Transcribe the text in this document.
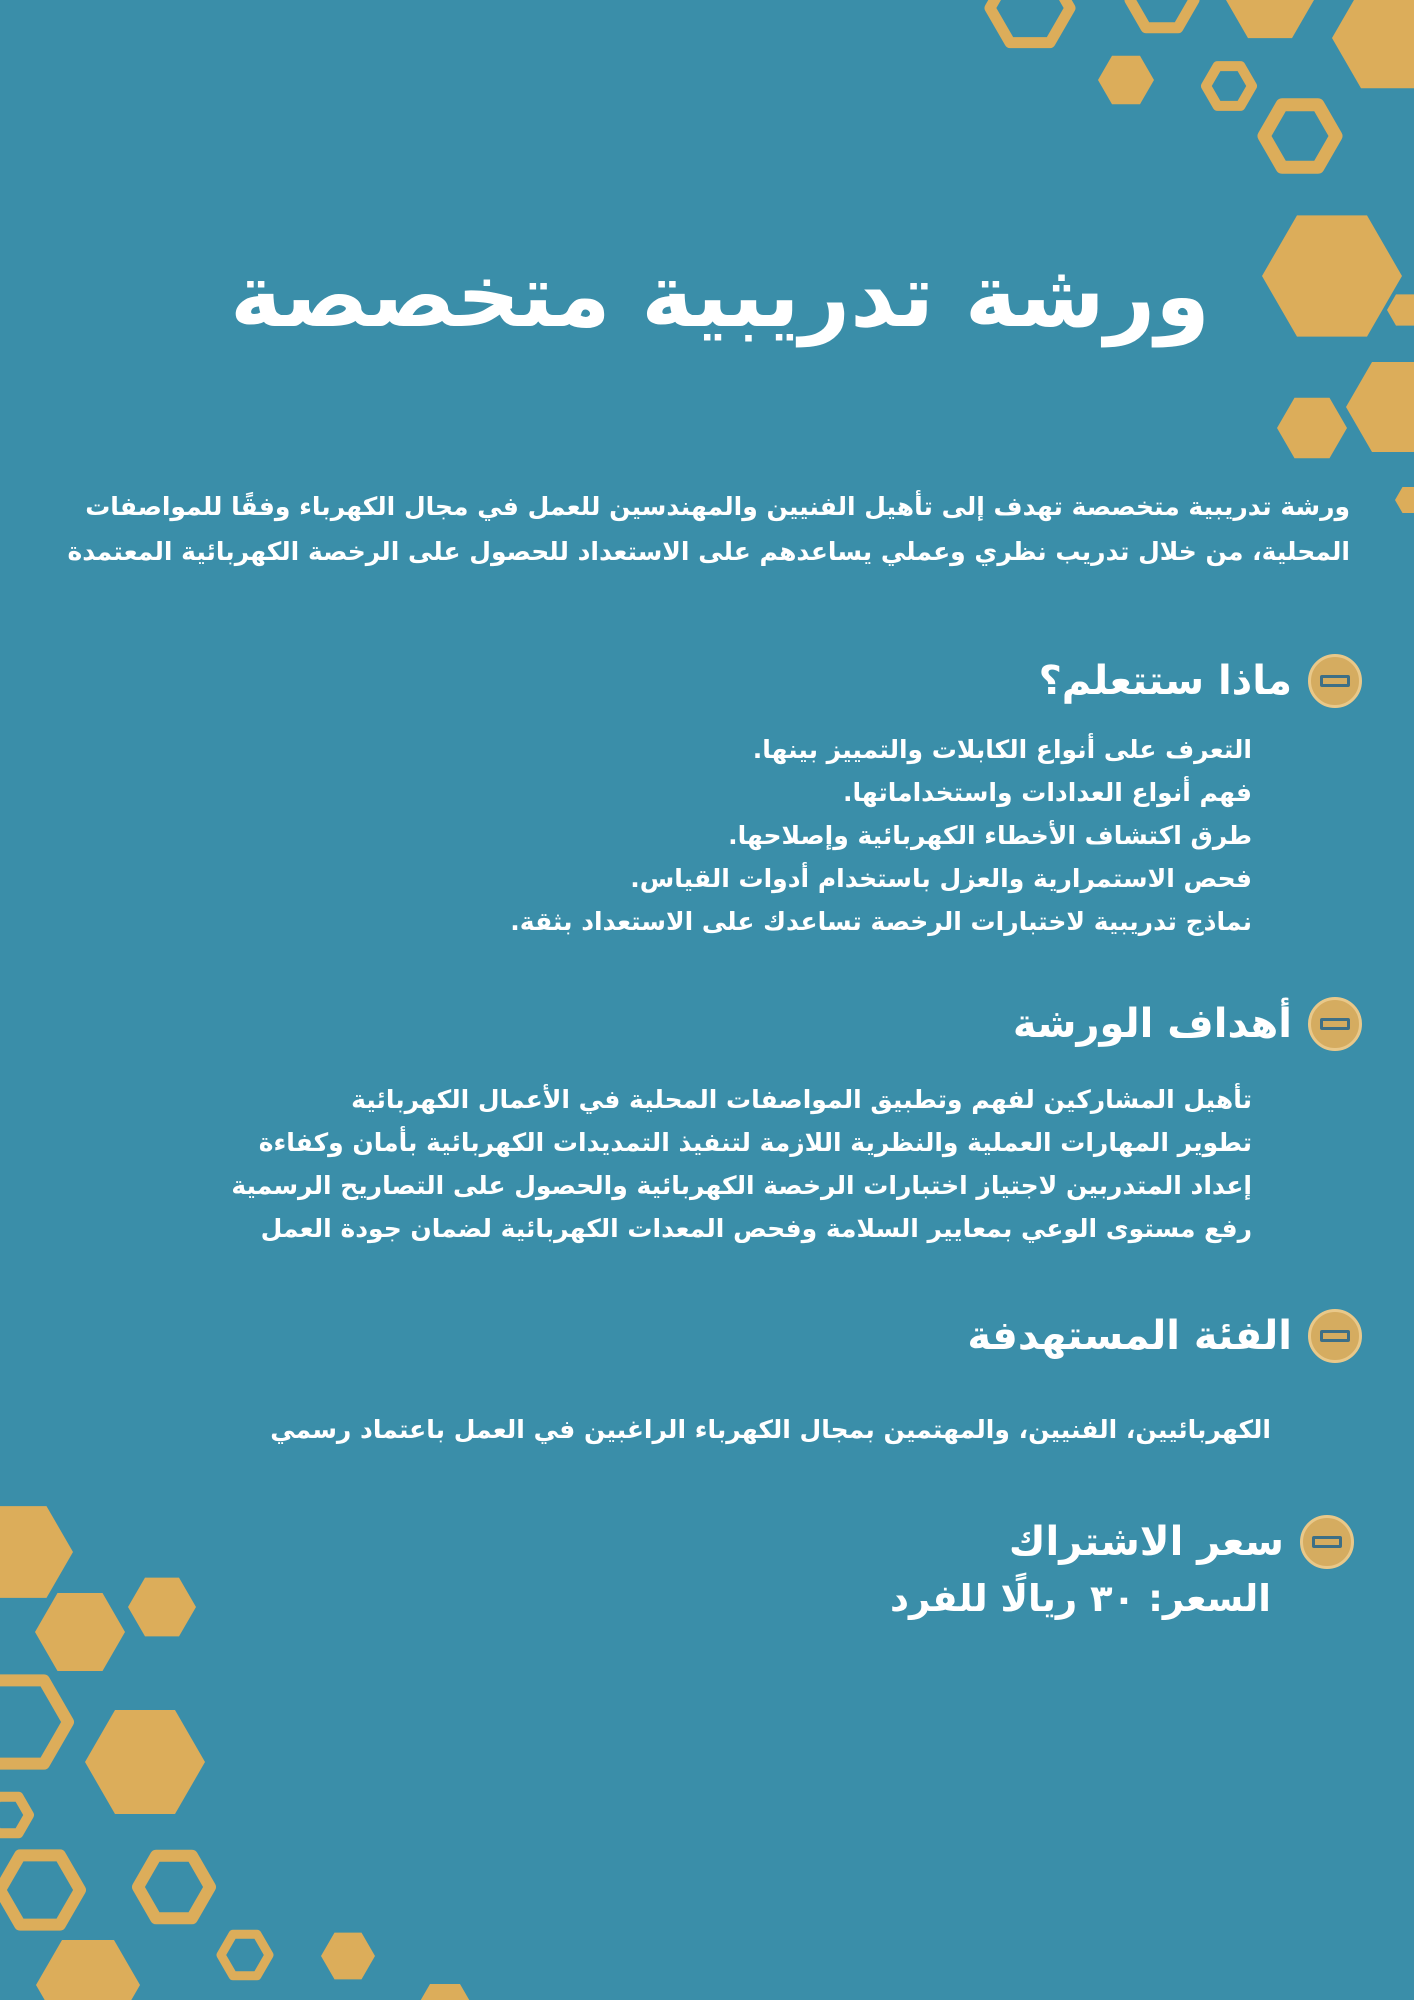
ورشة تدريبية متخصصة

ورشة تدريبية متخصصة تهدف إلى تأهيل الفنيين والمهندسين للعمل في مجال الكهرباء وفقًا للمواصفات المحلية، من خلال تدريب نظري وعملي يساعدهم على الاستعداد للحصول على الرخصة الكهربائية المعتمدة

ماذا ستتعلم؟
التعرف على أنواع الكابلات والتمييز بينها.
فهم أنواع العدادات واستخداماتها.
طرق اكتشاف الأخطاء الكهربائية وإصلاحها.
فحص الاستمرارية والعزل باستخدام أدوات القياس.
نماذج تدريبية لاختبارات الرخصة تساعدك على الاستعداد بثقة.
أهداف الورشة
تأهيل المشاركين لفهم وتطبيق المواصفات المحلية في الأعمال الكهربائية
تطوير المهارات العملية والنظرية اللازمة لتنفيذ التمديدات الكهربائية بأمان وكفاءة
إعداد المتدربين لاجتياز اختبارات الرخصة الكهربائية والحصول على التصاريح الرسمية
رفع مستوى الوعي بمعايير السلامة وفحص المعدات الكهربائية لضمان جودة العمل
الفئة المستهدفة

الكهربائيين، الفنيين، والمهتمين بمجال الكهرباء الراغبين في العمل باعتماد رسمي

سعر الاشتراك

السعر: ٣٠ ريالًا للفرد
